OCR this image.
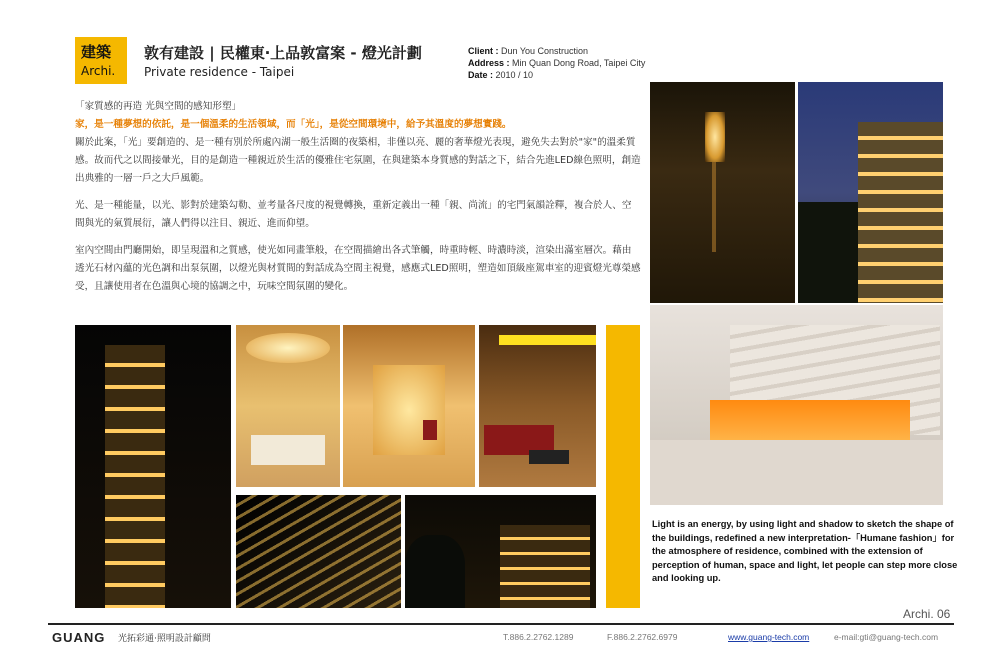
建築
Archi.
敦有建設 | 民權東‧上品敦富案 - 燈光計劃
Private residence - Taipei
Client : Dun You Construction
Address : Min Quan Dong Road, Taipei City
Date : 2010 / 10
「家質感的再造 光與空間的感知形塑」
家，是一種夢想的依託，是一個溫柔的生活領域，而「光」，是從空間環境中，給予其溫度的夢想實踐。

關於此案，「光」要創造的、是一種有別於所處內湖一般生活圈的夜築相，非僅以亮、麗的奢華燈光表現，避免失去對於"家"的溫柔質感。故而代之以間接暈光，目的是創造一種親近於生活的優雅住宅氛圍，在與建築本身質感的對話之下，結合先進LED線色照明，創造出典雅的一層一戶之大戶風範。

光、是一種能量，以光、影對於建築勾勒、並考量各尺度的視覺轉換，重新定義出一種「親、尚流」的宅門氣韻詮釋，複合於人、空間與光的氣質展衍，讓人們得以注目、親近、進而仰望。

室內空間由門廳開始，即呈現溫和之質感，使光如同畫筆般，在空間描繪出各式筆觸，時重時輕、時濃時淡，渲染出滿室層次。藉由透光石材內蘊的光色調和出泵氛圍，以燈光與材質間的對話成為空間主視覺，感應式LED照明，塑造如頂級座駕車室的迎賓燈光尊榮感受，且讓使用者在色溫與心境的協調之中，玩味空間氛圍的變化。

Light is an energy, by using light and shadow to sketch the shape of the buildings, redefined a new interpretation-「Humane fashion」for the atmosphere of residence, combined with the extension of perception of human, space and light, let people can step more close and looking up.
Archi. 06
GUANG 光拓彩通‧照明設計顧問	T.886.2.2762.1289	F.886.2.2762.6979	www.guang-tech.com	e-mail:gti@guang-tech.com
